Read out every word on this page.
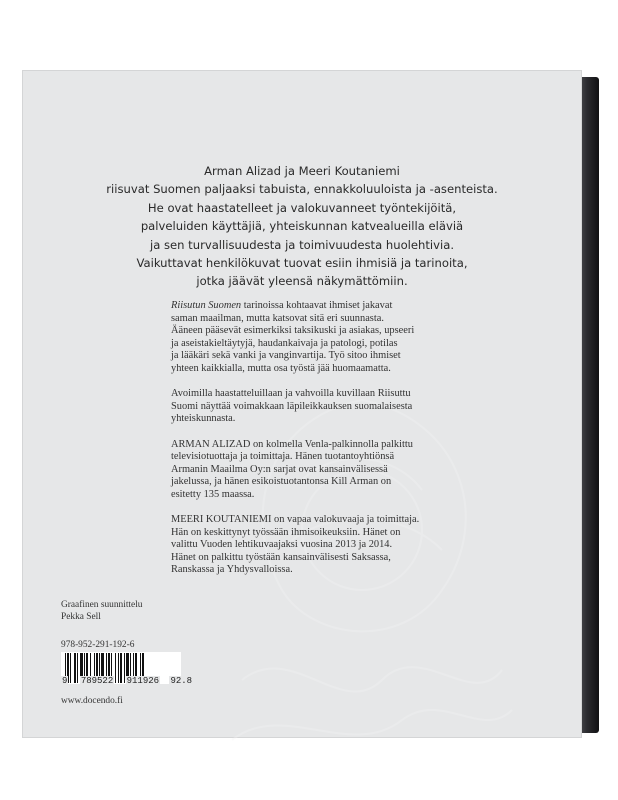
Arman Alizad ja Meeri Koutaniemi

riisuvat Suomen paljaaksi tabuista, ennakkoluuloista ja -asenteista.

He ovat haastatelleet ja valokuvanneet työntekijöitä,

palveluiden käyttäjiä, yhteiskunnan katvealueilla eläviä

ja sen turvallisuudesta ja toimivuudesta huolehtivia.

Vaikuttavat henkilökuvat tuovat esiin ihmisiä ja tarinoita,

jotka jäävät yleensä näkymättömiin.

Riisutun Suomen tarinoissa kohtaavat ihmiset jakavat
saman maailman, mutta katsovat sitä eri suunnasta.
Ääneen pääsevät esimerkiksi taksikuski ja asiakas, upseeri
ja aseistakieltäytyjä, haudankaivaja ja patologi, potilas
ja lääkäri sekä vanki ja vanginvartija. Työ sitoo ihmiset
yhteen kaikkialla, mutta osa työstä jää huomaamatta.

Avoimilla haastatteluillaan ja vahvoilla kuvillaan Riisuttu
Suomi näyttää voimakkaan läpileikkauksen suomalaisesta
yhteiskunnasta.

ARMAN ALIZAD on kolmella Venla-palkinnolla palkittu
televisiotuottaja ja toimittaja. Hänen tuotantoyhtiönsä
Armanin Maailma Oy:n sarjat ovat kansainvälisessä
jakelussa, ja hänen esikoistuotantonsa Kill Arman on
esitetty 135 maassa.

MEERI KOUTANIEMI on vapaa valokuvaaja ja toimittaja.
Hän on keskittynyt työssään ihmisoikeuksiin. Hänet on
valittu Vuoden lehtikuvaajaksi vuosina 2013 ja 2014.
Hänet on palkittu työstään kansainvälisesti Saksassa,
Ranskassa ja Yhdysvalloissa.

Graafinen suunnittelu
Pekka Sell
978-952-291-192-6
9 789522 911926 92.8
www.docendo.fi
